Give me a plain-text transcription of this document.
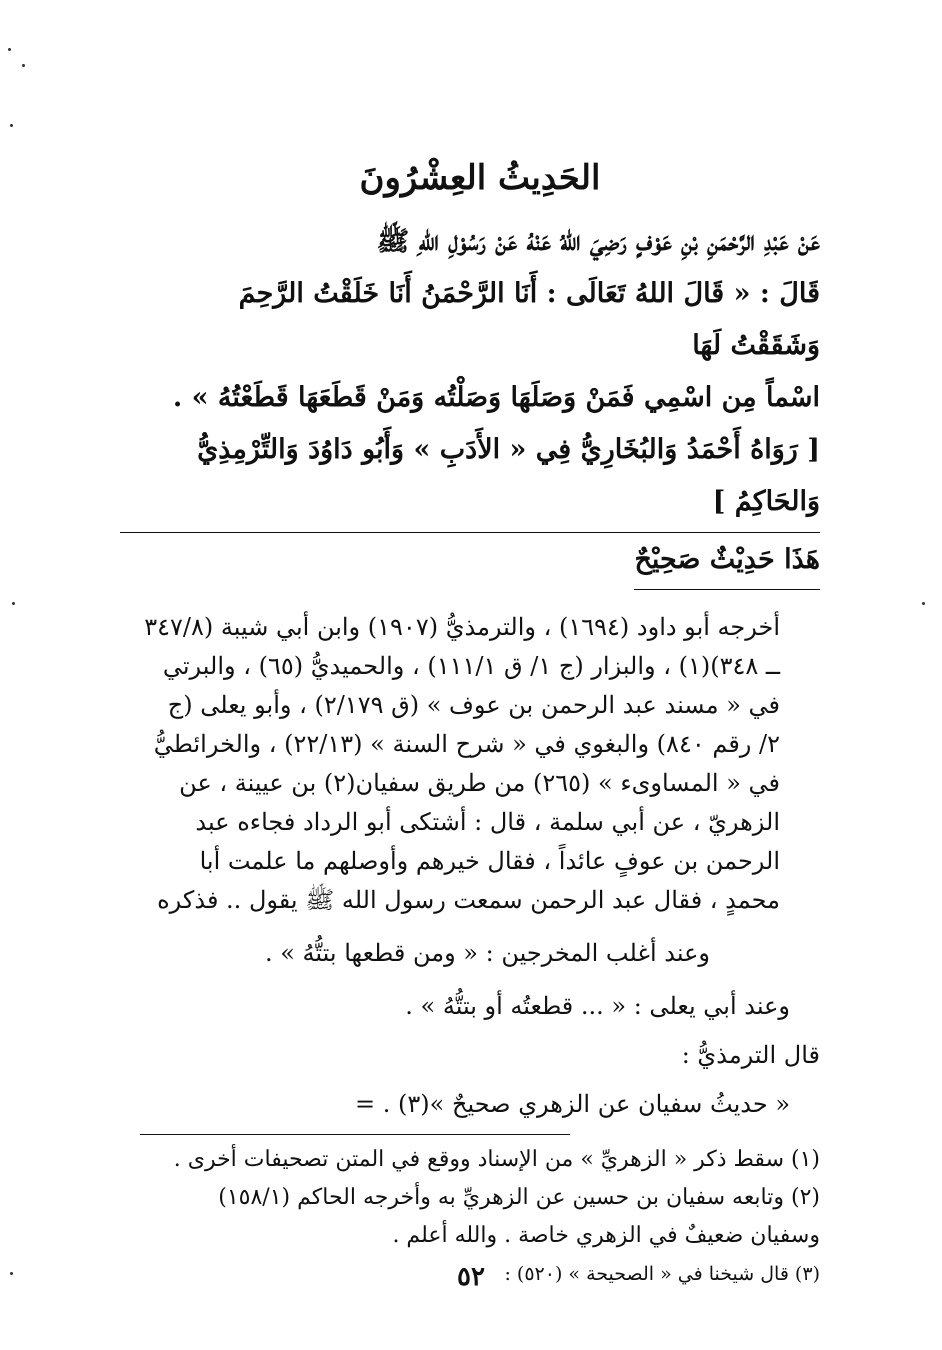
الحَدِيثُ العِشْرُونَ

عَنْ عَبْدِ الرَّحْمَنِ بْنِ عَوْفٍ رَضِيَ اللهُ عَنْهُ عَنْ رَسُوْلِ اللهِ ﷺ

قَالَ : « قَالَ اللهُ تَعَالَى : أَنَا الرَّحْمَنُ أَنَا خَلَقْتُ الرَّحِمَ وَشَقَقْتُ لَهَا

اسْماً مِن اسْمِي فَمَنْ وَصَلَهَا وَصَلْتُه وَمَنْ قَطَعَهَا قَطَعْتُهُ » .

[ رَوَاهُ أَحْمَدُ وَالبُخَارِيُّ فِي « الأَدَبِ » وَأَبُو دَاوُدَ وَالتِّرْمِذِيُّ وَالحَاكِمُ ]

هَذَا حَدِيْثٌ صَحِيْحٌ

أخرجه أبو داود (١٦٩٤) ، والترمذيُّ (١٩٠٧) وابن أبي شيبة (٣٤٧/٨ ــ ٣٤٨)(١) ، والبزار (ج ١/ ق ١١١/١) ، والحميديُّ (٦٥) ، والبرتي في « مسند عبد الرحمن بن عوف » (ق ٢/١٧٩) ، وأبو يعلى (ج ٢/ رقم ٨٤٠) والبغوي في « شرح السنة » (٢٢/١٣) ، والخرائطيُّ في « المساوىء » (٢٦٥) من طريق سفيان(٢) بن عيينة ، عن الزهريّ ، عن أبي سلمة ، قال : أشتكى أبو الرداد فجاءه عبد الرحمن بن عوفٍ عائداً ، فقال خيرهم وأوصلهم ما علمت أبا محمدٍ ، فقال عبد الرحمن سمعت رسول الله ﷺ يقول .. فذكره

وعند أغلب المخرجين : « ومن قطعها بتتُّهُ » .

وعند أبي يعلى : « ... قطعتُه أو بتتُّهُ » .

قال الترمذيُّ :

« حديثُ سفيان عن الزهري صحيحٌ »(٣) . =

(١) سقط ذكر « الزهريِّ » من الإسناد ووقع في المتن تصحيفات أخرى .

(٢) وتابعه سفيان بن حسين عن الزهريِّ به وأخرجه الحاكم (١٥٨/١)

وسفيان ضعيفٌ في الزهري خاصة . والله أعلم .

(٣) قال شيخنا في « الصحيحة » (٥٢٠) :

٥٢
